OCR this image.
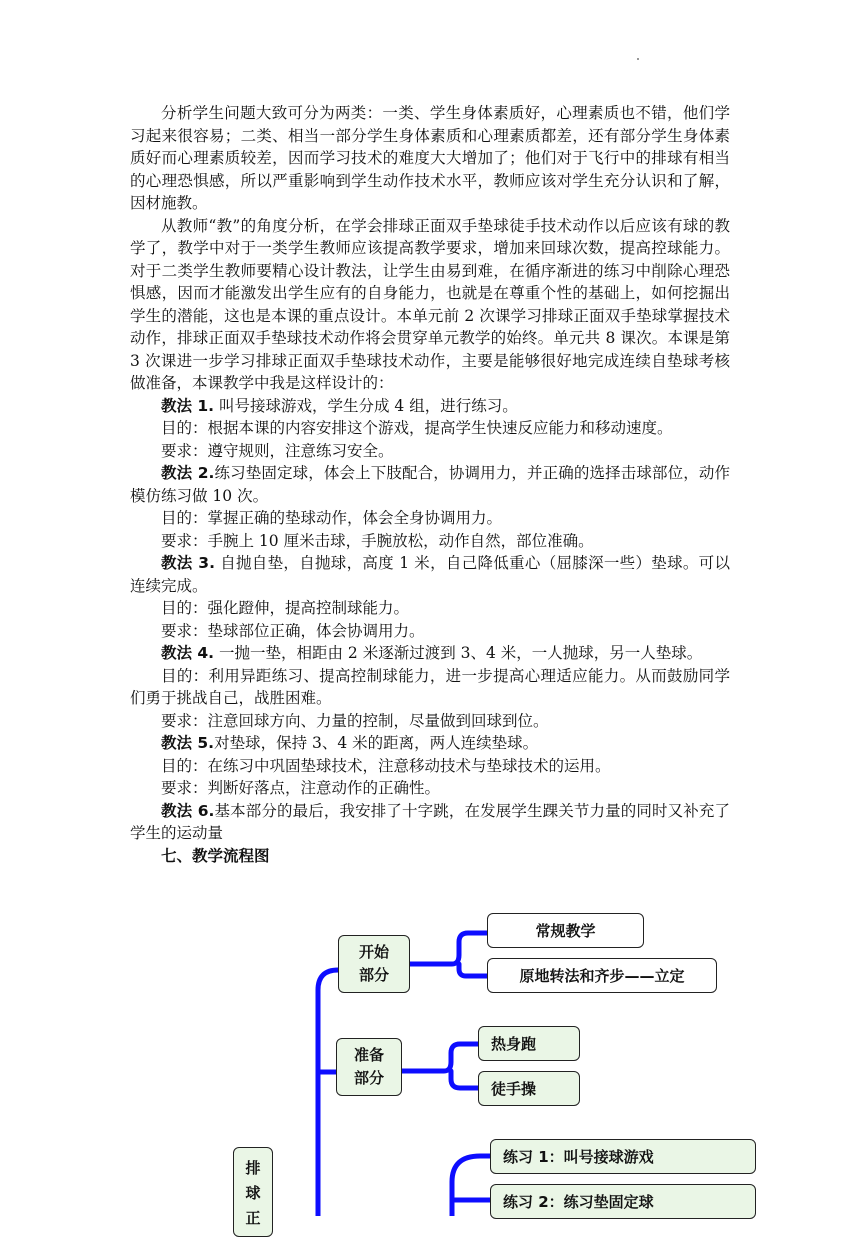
分析学生问题大致可分为两类：一类、学生身体素质好，心理素质也不错，他们学习起来很容易；二类、相当一部分学生身体素质和心理素质都差，还有部分学生身体素质好而心理素质较差，因而学习技术的难度大大增加了；他们对于飞行中的排球有相当的心理恐惧感，所以严重影响到学生动作技术水平，教师应该对学生充分认识和了解，因材施教。

从教师“教”的角度分析，在学会排球正面双手垫球徒手技术动作以后应该有球的教学了，教学中对于一类学生教师应该提高教学要求，增加来回球次数，提高控球能力。对于二类学生教师要精心设计教法，让学生由易到难，在循序渐进的练习中削除心理恐惧感，因而才能激发出学生应有的自身能力，也就是在尊重个性的基础上，如何挖掘出学生的潜能，这也是本课的重点设计。本单元前 2 次课学习排球正面双手垫球掌握技术动作，排球正面双手垫球技术动作将会贯穿单元教学的始终。单元共 8 课次。本课是第 3 次课进一步学习排球正面双手垫球技术动作，主要是能够很好地完成连续自垫球考核做准备，本课教学中我是这样设计的：

教法 1. 叫号接球游戏，学生分成 4 组，进行练习。

目的：根据本课的内容安排这个游戏，提高学生快速反应能力和移动速度。

要求：遵守规则，注意练习安全。

教法 2.练习垫固定球，体会上下肢配合，协调用力，并正确的选择击球部位，动作模仿练习做 10 次。

目的：掌握正确的垫球动作，体会全身协调用力。

要求：手腕上 10 厘米击球，手腕放松，动作自然，部位准确。

教法 3. 自抛自垫，自抛球，高度 1 米，自己降低重心（屈膝深一些）垫球。可以连续完成。

目的：强化蹬伸，提高控制球能力。

要求：垫球部位正确，体会协调用力。

教法 4. 一抛一垫，相距由 2 米逐渐过渡到 3、4 米，一人抛球，另一人垫球。

目的：利用异距练习、提高控制球能力，进一步提高心理适应能力。从而鼓励同学们勇于挑战自己，战胜困难。

要求：注意回球方向、力量的控制，尽量做到回球到位。

教法 5.对垫球，保持 3、4 米的距离，两人连续垫球。

目的：在练习中巩固垫球技术，注意移动技术与垫球技术的运用。

要求：判断好落点，注意动作的正确性。

教法 6.基本部分的最后，我安排了十字跳，在发展学生踝关节力量的同时又补充了学生的运动量

七、教学流程图

开始
部分
常规教学
原地转法和齐步——立定
准备
部分
热身跑
徒手操
练习 1：叫号接球游戏
练习 2：练习垫固定球
排
球
正
